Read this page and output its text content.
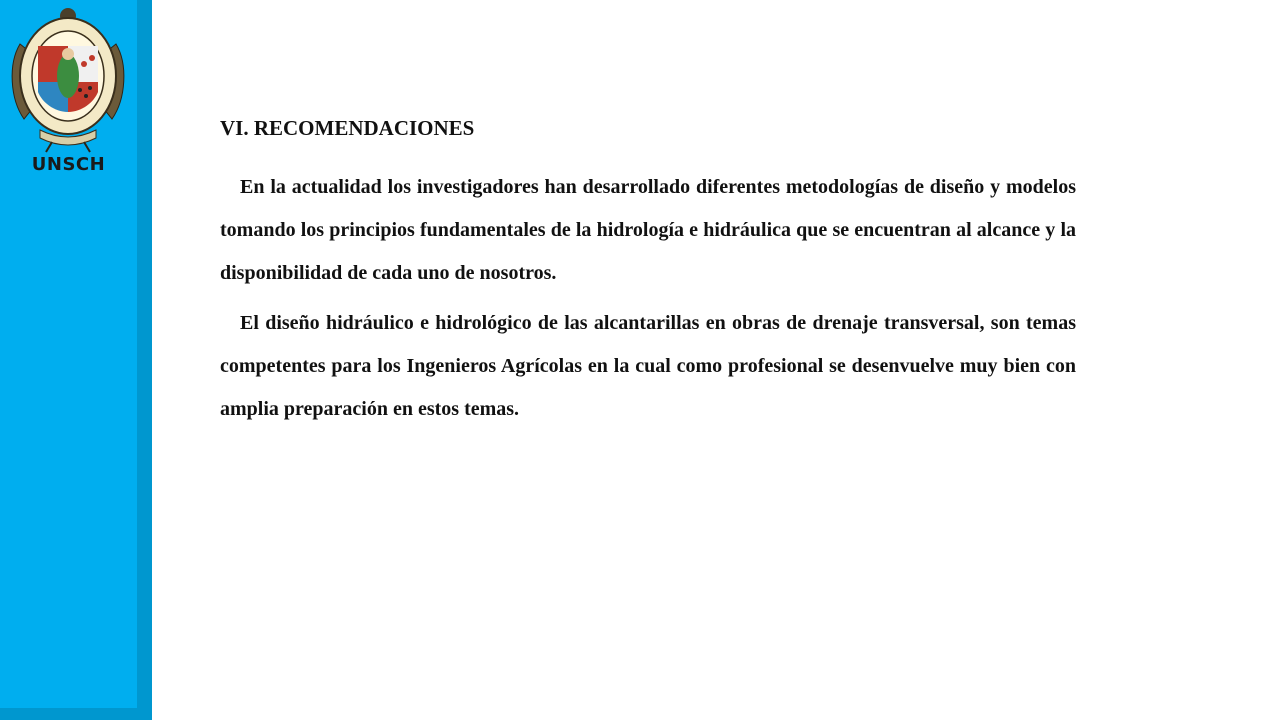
UNSCH
VI. RECOMENDACIONES

En la actualidad los investigadores han desarrollado diferentes metodologías de diseño y modelos tomando los principios fundamentales de la hidrología e hidráulica que se encuentran al alcance y la disponibilidad de cada uno de nosotros.

El diseño hidráulico e hidrológico de las alcantarillas en obras de drenaje transversal, son temas competentes para los Ingenieros Agrícolas en la cual como profesional se desenvuelve muy bien con amplia preparación en estos temas.
